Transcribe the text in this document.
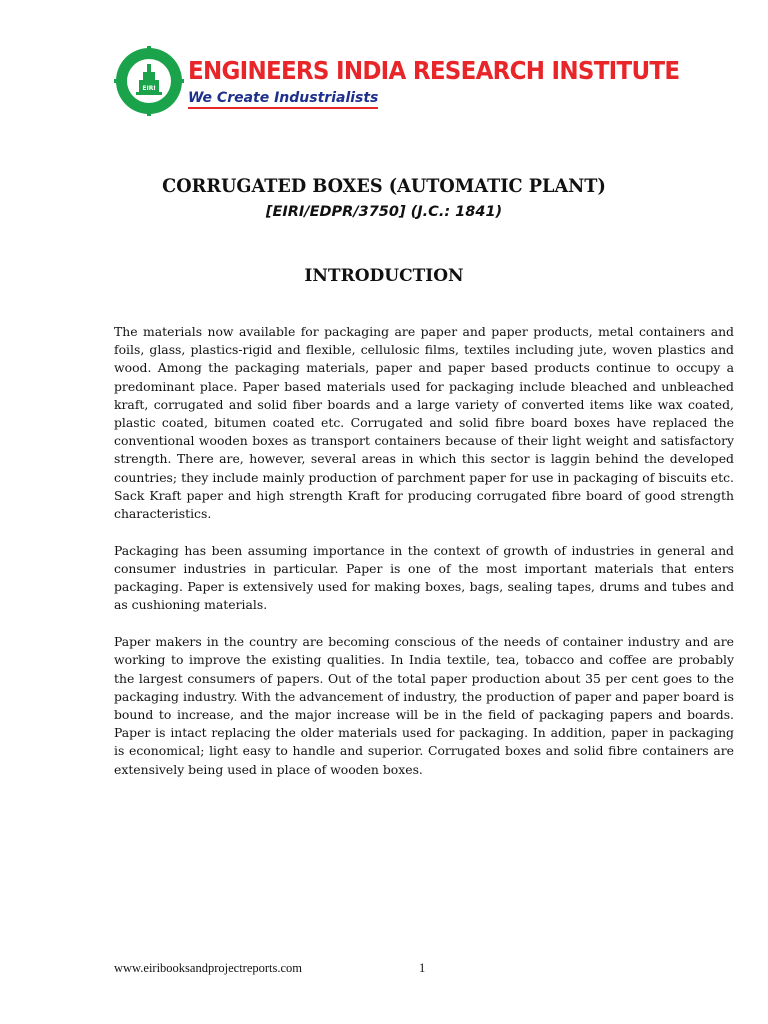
EIRI
ENGINEERS INDIA RESEARCH INSTITUTE
We Create Industrialists
CORRUGATED BOXES (AUTOMATIC PLANT)
[EIRI/EDPR/3750] (J.C.: 1841)
INTRODUCTION

The materials now available for packaging are paper and paper products, metal containers and foils, glass, plastics-rigid and flexible, cellulosic films, textiles including jute, woven plastics and wood. Among the packaging materials, paper and paper based products continue to occupy a predominant place. Paper based materials used for packaging include bleached and unbleached kraft, corrugated and solid fiber boards and a large variety of converted items like wax coated, plastic coated, bitumen coated etc. Corrugated and solid fibre board boxes have replaced the conventional wooden boxes as transport containers because of their light weight and satisfactory strength. There are, however, several areas in which this sector is laggin behind the developed countries; they include mainly production of parchment paper for use in packaging of biscuits etc. Sack Kraft paper and high strength Kraft for producing corrugated fibre board of good strength characteristics.

Packaging has been assuming importance in the context of growth of industries in general and consumer industries in particular. Paper is one of the most important materials that enters packaging. Paper is extensively used for making boxes, bags, sealing tapes, drums and tubes and as cushioning materials.

Paper makers in the country are becoming conscious of the needs of container industry and are working to improve the existing qualities. In India textile, tea, tobacco and coffee are probably the largest consumers of papers. Out of the total paper production about 35 per cent goes to the packaging industry. With the advancement of industry, the production of paper and paper board is bound to increase, and the major increase will be in the field of packaging papers and boards. Paper is intact replacing the older materials used for packaging. In addition, paper in packaging is economical; light easy to handle and superior. Corrugated boxes and solid fibre containers are extensively being used in place of wooden boxes.

www.eiribooksandprojectreports.com	1
